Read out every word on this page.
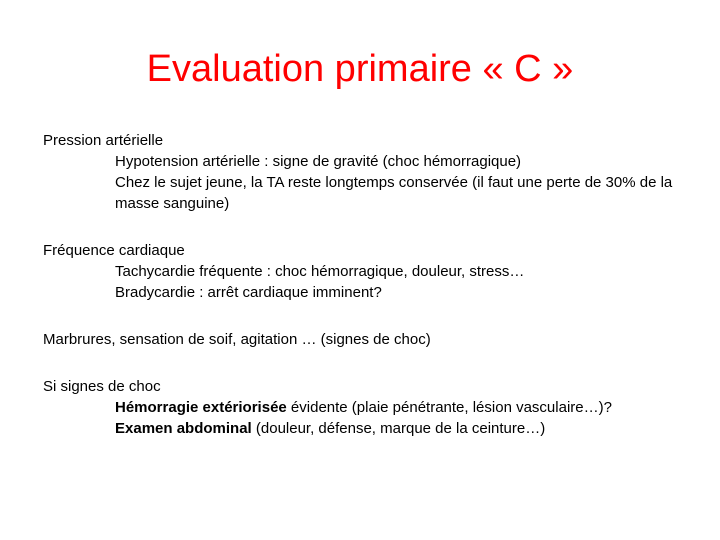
Evaluation primaire « C »

Pression artérielle

Hypotension artérielle : signe de gravité (choc hémorragique)

Chez le sujet jeune, la TA reste longtemps conservée (il faut une perte de 30% de la masse sanguine)

Fréquence cardiaque

Tachycardie fréquente : choc hémorragique, douleur, stress…

Bradycardie : arrêt cardiaque imminent?

Marbrures, sensation de soif, agitation … (signes de choc)

Si signes de choc

Hémorragie extériorisée évidente (plaie pénétrante, lésion vasculaire…)?

Examen abdominal (douleur, défense, marque de la ceinture…)
